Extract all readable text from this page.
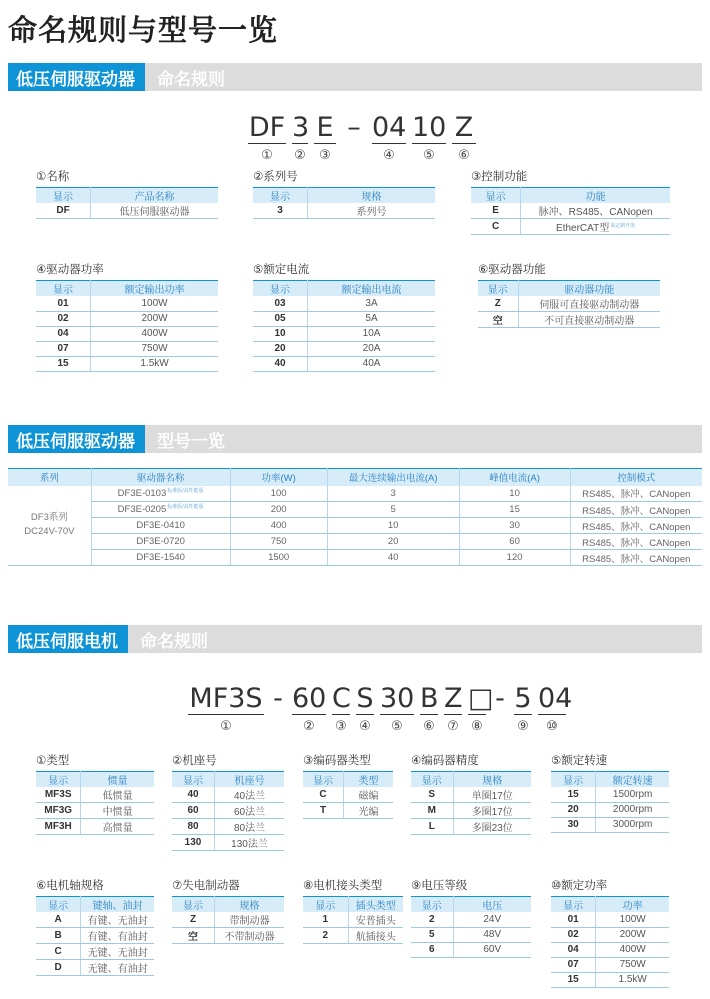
命名规则与型号一览
低压伺服驱动器	命名规则
DF
①
3
②
E
③
– 04
④
10
⑤
Z
⑥
①名称
显示	产品名称
DF	低压伺服驱动器
②系列号
显示	规格
3	系列号
③控制功能
显示	功能
E	脉冲、RS485、CANopen
C	EtherCAT型$^{需定制开发}$
④驱动器功率
显示	额定输出功率
01	100W
02	200W
04	400W
07	750W
15	1.5kW
⑤额定电流
显示	额定输出电流
03	3A
05	5A
10	10A
20	20A
40	40A
⑥驱动器功能
显示	驱动器功能
Z	伺服可直接驱动制动器
空	不可直接驱动制动器
低压伺服驱动器	型号一览
系列	驱动器名称	功率(W)	最大连续输出电流(A)	峰值电流(A)	控制模式

DF3系列
DC24V-70V	$DF3E-0103^{标准版/高性能版}$	100	3	10	RS485、脉冲、CANopen
	$DF3E-0205^{标准版/高性能版}$	200	5	15	RS485、脉冲、CANopen
	DF3E-0410	400	10	30	RS485、脉冲、CANopen
	DF3E-0720	750	20	60	RS485、脉冲、CANopen
	DF3E-1540	1500	40	120	RS485、脉冲、CANopen
低压伺服电机	命名规则
MF3S
①
- 60
②
C
③
S
④
30
⑤
B
⑥
Z
⑦
□
⑧
- 5
⑨
04
⑩
①类型
显示	惯量
MF3S	低惯量
MF3G	中惯量
MF3H	高惯量
②机座号
显示	机座号
40	40法兰
60	60法兰
80	80法兰
130	130法兰
③编码器类型
显示	类型
C	磁编
T	光编
④编码器精度
显示	规格
S	单圈17位
M	多圈17位
L	多圈23位
⑤额定转速
显示	额定转速
15	1500rpm
20	2000rpm
30	3000rpm
⑥电机轴规格
显示	键轴、油封
A	有键、无油封
B	有键、有油封
C	无键、无油封
D	无键、有油封
⑦失电制动器
显示	规格
Z	带制动器
空	不带制动器
⑧电机接头类型
显示	插头类型
1	安普插头
2	航插接头
⑨电压等级
显示	电压
2	24V
5	48V
6	60V
⑩额定功率
显示	功率
01	100W
02	200W
04	400W
07	750W
15	1.5kW
